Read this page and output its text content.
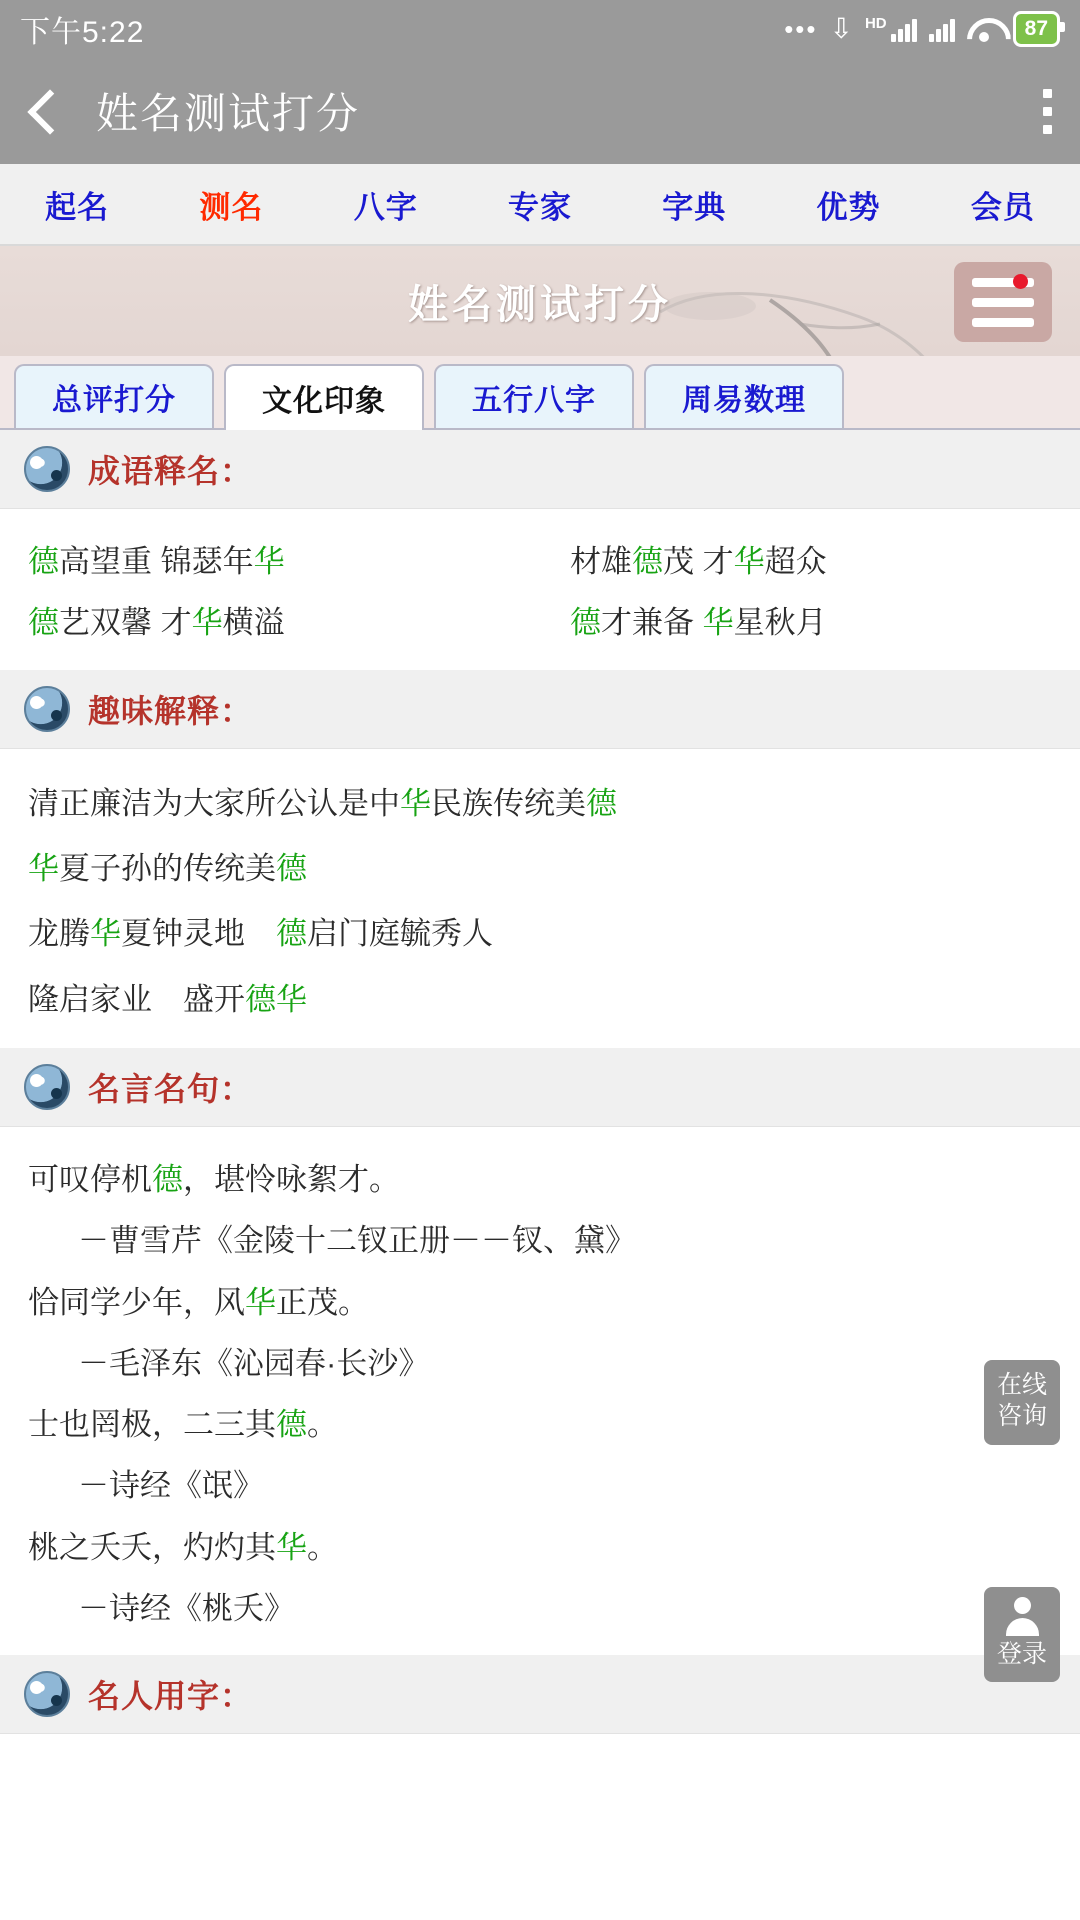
下午5:22	••• ⇩ HD	87
姓名测试打分
起名	测名	八字	专家	字典	优势	会员
姓名测试打分
总评打分	文化印象	五行八字	周易数理
成语释名：
德高望重 锦瑟年华	材雄德茂 才华超众
德艺双馨 才华横溢	德才兼备 华星秋月
趣味解释：
清正廉洁为大家所公认是中华民族传统美德
华夏子孙的传统美德
龙腾华夏钟灵地　德启门庭毓秀人
隆启家业　盛开德华
名言名句：
可叹停机德，堪怜咏絮才。
－曹雪芹《金陵十二钗正册－－钗、黛》
恰同学少年，风华正茂。
－毛泽东《沁园春·长沙》
士也罔极，二三其德。
－诗经《氓》
桃之夭夭，灼灼其华。
－诗经《桃夭》
名人用字：
在线
咨询
登录
